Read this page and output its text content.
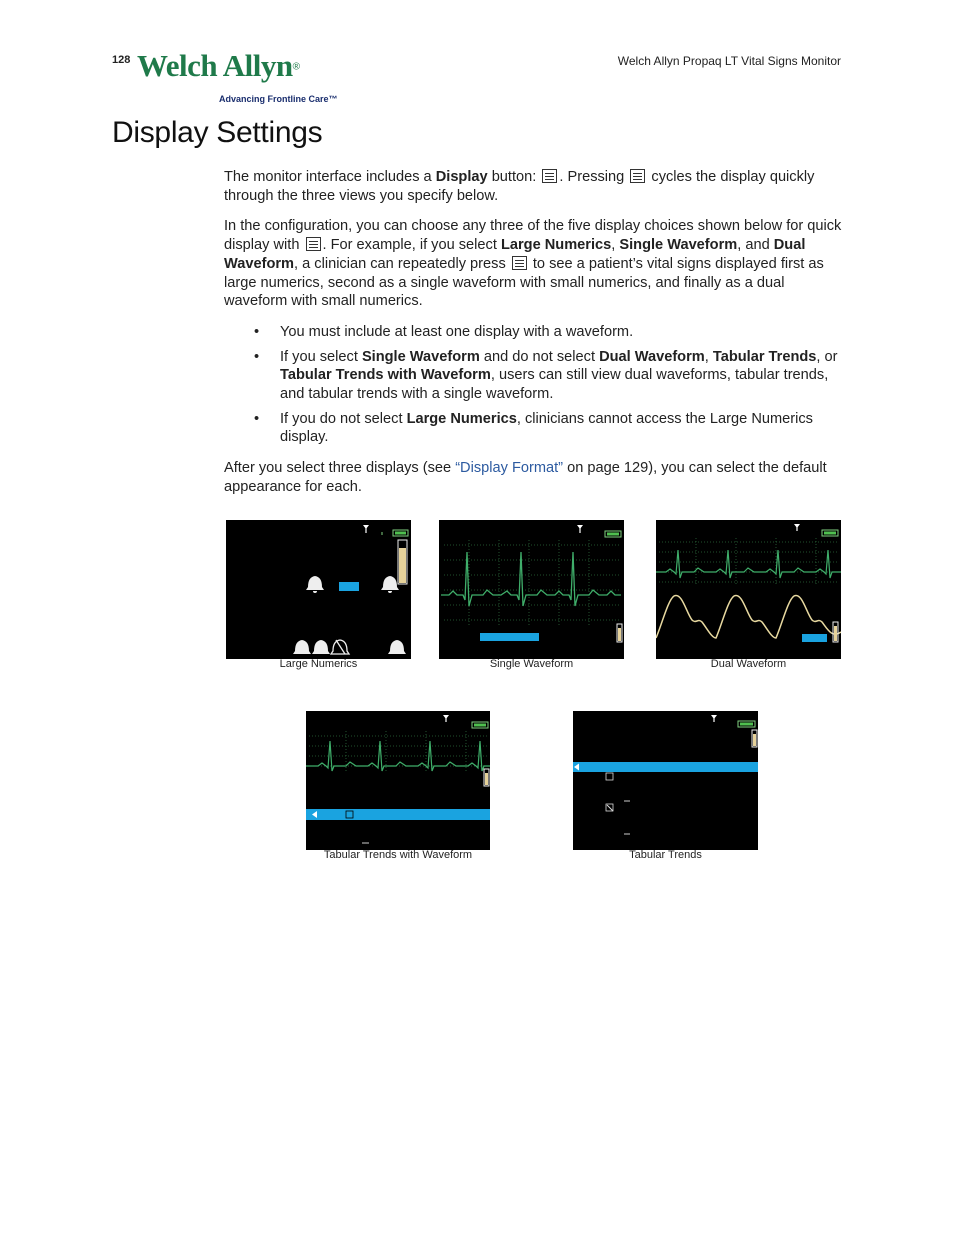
128 Welch Allyn®
Advancing Frontline Care™
Welch Allyn Propaq LT Vital Signs Monitor
Display Settings

The monitor interface includes a Display button:
. Pressing
cycles the display quickly through the three views you specify below.

In the configuration, you can choose any three of the five display choices shown below for quick display with
. For example, if you select Large Numerics, Single Waveform, and Dual Waveform, a clinician can repeatedly press
to see a patient’s vital signs displayed first as large numerics, second as a single waveform with small numerics, and finally as a dual waveform with small numerics.

• You must include at least one display with a waveform.
• If you select Single Waveform and do not select Dual Waveform, Tabular Trends, or Tabular Trends with Waveform, users can still view dual waveforms, tabular trends, and tabular trends with a single waveform.
• If you do not select Large Numerics, clinicians cannot access the Large Numerics display.

After you select three displays (see “Display Format” on page 129), you can select the default appearance for each.

Large Numerics	Single Waveform	Dual Waveform
Tabular Trends with Waveform	Tabular Trends
